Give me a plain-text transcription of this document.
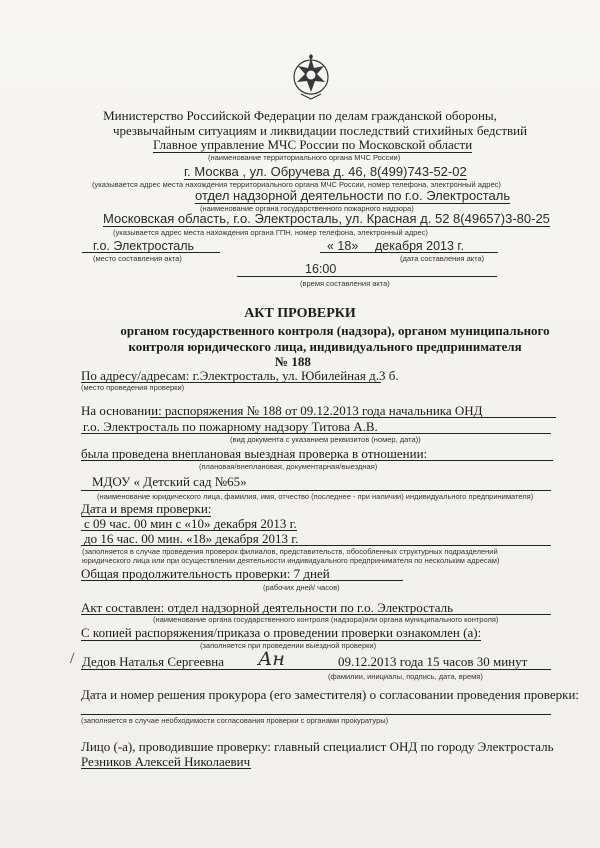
Министерство Российской Федерации по делам гражданской обороны,
чрезвычайным ситуациям и ликвидации последствий стихийных бедствий
Главное управление МЧС России по Московской области
(наименование территориального органа МЧС России)
г. Москва , ул. Обручева д. 46, 8(499)743-52-02
(указывается адрес места нахождения территориального органа МЧС России, номер телефона, электронный адрес)
отдел надзорной деятельности по г.о. Электросталь
(наименование органа государственного пожарного надзора)
Московская область, г.о. Электросталь, ул. Красная д. 52 8(49657)3-80-25
(указывается адрес места нахождения органа ГПН, номер телефона, электронный адрес)
г.о. Электросталь
(место составления акта)
« 18» декабря 2013 г.
(дата составления акта)
16:00
(время составления акта)
АКТ ПРОВЕРКИ
органом государственного контроля (надзора), органом муниципального
контроля юридического лица, индивидуального предпринимателя
№ 188
По адресу/адресам: г.Электросталь, ул. Юбилейная д.3 б.
(место проведения проверки)
На основании: распоряжения № 188 от 09.12.2013 года начальника ОНД
г.о. Электросталь по пожарному надзору Титова А.В.
(вид документа с указанием реквизитов (номер, дата))
была проведена внеплановая выездная проверка в отношении:
(плановая/внеплановая, документарная/выездная)
МДОУ « Детский сад №65»
(наименование юридического лица, фамилия, имя, отчество (последнее - при наличии) индивидуального предпринимателя)
Дата и время проверки:
с 09 час. 00 мин с «10» декабря 2013 г.
до 16 час. 00 мин. «18» декабря 2013 г.
(заполняется в случае проведения проверок филиалов, представительств, обособленных структурных подразделений
юридического лица или при осуществлении деятельности индивидуального предпринимателя по нескольким адресам)
Общая продолжительность проверки: 7 дней
(рабочих дней/ часов)
Акт составлен: отдел надзорной деятельности по г.о. Электросталь
(наименование органа государственного контроля (надзора)или органа муниципального контроля)
С копией распоряжения/приказа о проведении проверки ознакомлен (а):
(заполняется при проведении выездной проверки)
/ Дедов Наталья Сергеевна Ан	09.12.2013 года 15 часов 30 минут
(фамилии, инициалы, подпись, дата, время)
Дата и номер решения прокурора (его заместителя) о согласовании проведения проверки:
(заполняется в случае необходимости согласования проверки с органами прокуратуры)
Лицо (-а), проводившие проверку: главный специалист ОНД по городу Электросталь
Резников Алексей Николаевич
